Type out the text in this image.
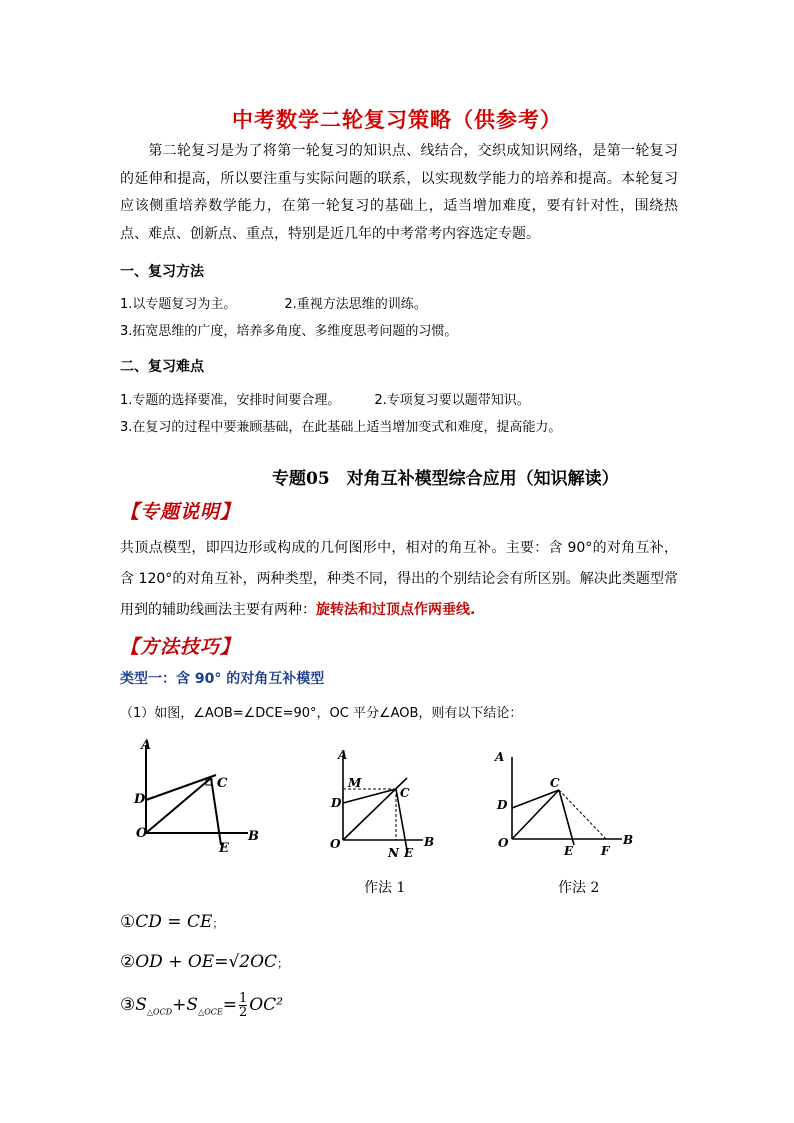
中考数学二轮复习策略（供参考）
第二轮复习是为了将第一轮复习的知识点、线结合，交织成知识网络，是第一轮复习的延伸和提高，所以要注重与实际问题的联系，以实现数学能力的培养和提高。本轮复习应该侧重培养数学能力，在第一轮复习的基础上，适当增加难度，要有针对性，围绕热点、难点、创新点、重点，特别是近几年的中考常考内容选定专题。
一、复习方法
1.以专题复习为主。	2.重视方法思维的训练。
3.拓宽思维的广度，培养多角度、多维度思考问题的习惯。
二、复习难点
1.专题的选择要准，安排时间要合理。	2.专项复习要以题带知识。
3.在复习的过程中要兼顾基础，在此基础上适当增加变式和难度，提高能力。
专题05　对角互补模型综合应用（知识解读）
【专题说明】
共顶点模型，即四边形或构成的几何图形中，相对的角互补。主要：含 90°的对角互补，含 120°的对角互补，两种类型，种类不同，得出的个别结论会有所区别。解决此类题型常用到的辅助线画法主要有两种：旋转法和过顶点作两垂线.
【方法技巧】
类型一：含 90° 的对角互补模型
（1）如图，∠AOB=∠DCE=90°，OC 平分∠AOB，则有以下结论：
A
D
C
O	B
E
A
M
D
C
O
N E
B
A
D
C
O
E F
B
作法 1	作法 2
①CD = CE；
②OD + OE=√2OC；
$③S_{\triangle OCD}+S_{\triangle OCE}= \frac{1}{2} OC^2$
